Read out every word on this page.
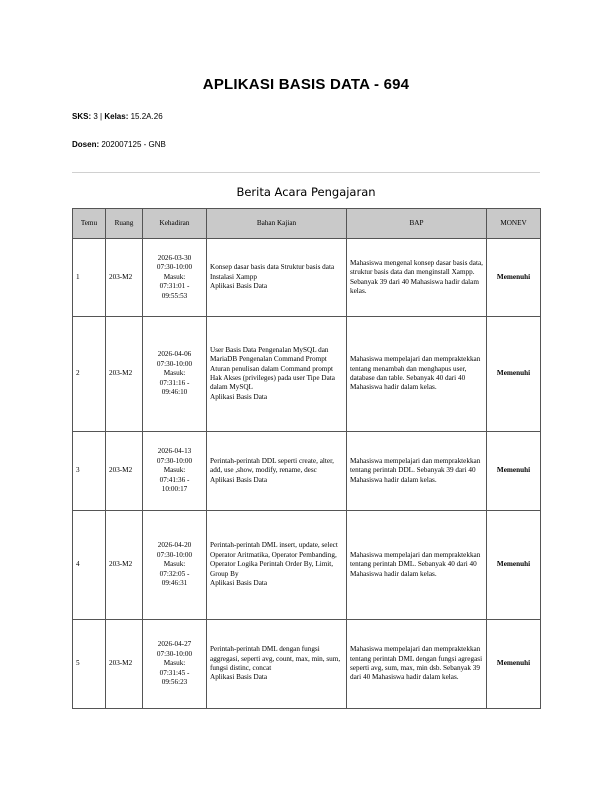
APLIKASI BASIS DATA - 694
SKS: 3 | Kelas: 15.2A.26
Dosen: 202007125 - GNB
Berita Acara Pengajaran
Temu	Ruang	Kehadiran	Bahan Kajian	BAP	MONEV
1	203-M2	2026-03-30
07:30-10:00
Masuk:
07:31:01 -
09:55:53	Konsep dasar basis data Struktur basis data Instalasi Xampp
Aplikasi Basis Data	Mahasiswa mengenal konsep dasar basis data, struktur basis data dan menginstall Xampp. Sebanyak 39 dari 40 Mahasiswa hadir dalam kelas.	Memenuhi
2	203-M2	2026-04-06
07:30-10:00
Masuk:
07:31:16 -
09:46:10	User Basis Data Pengenalan MySQL dan MariaDB Pengenalan Command Prompt Aturan penulisan dalam Command prompt Hak Akses (privileges) pada user Tipe Data dalam MySQL
Aplikasi Basis Data	Mahasiswa mempelajari dan mempraktekkan tentang menambah dan menghapus user, database dan table. Sebanyak 40 dari 40 Mahasiswa hadir dalam kelas.	Memenuhi
3	203-M2	2026-04-13
07:30-10:00
Masuk:
07:41:36 -
10:00:17	Perintah-perintah DDL seperti create, alter, add, use ,show, modify, rename, desc
Aplikasi Basis Data	Mahasiswa mempelajari dan mempraktekkan tentang perintah DDL. Sebanyak 39 dari 40 Mahasiswa hadir dalam kelas.	Memenuhi
4	203-M2	2026-04-20
07:30-10:00
Masuk:
07:32:05 -
09:46:31	Perintah-perintah DML insert, update, select Operator Aritmatika, Operator Pembanding, Operator Logika Perintah Order By, Limit, Group By
Aplikasi Basis Data	Mahasiswa mempelajari dan mempraktekkan tentang perintah DML. Sebanyak 40 dari 40 Mahasiswa hadir dalam kelas.	Memenuhi
5	203-M2	2026-04-27
07:30-10:00
Masuk:
07:31:45 -
09:56:23	Perintah-perintah DML dengan fungsi aggregasi, seperti avg, count, max, min, sum, fungsi distinc, concat
Aplikasi Basis Data	Mahasiswa mempelajari dan mempraktekkan tentang perintah DML dengan fungsi agregasi seperti avg, sum, max, min dsb. Sebanyak 39 dari 40 Mahasiswa hadir dalam kelas.	Memenuhi
